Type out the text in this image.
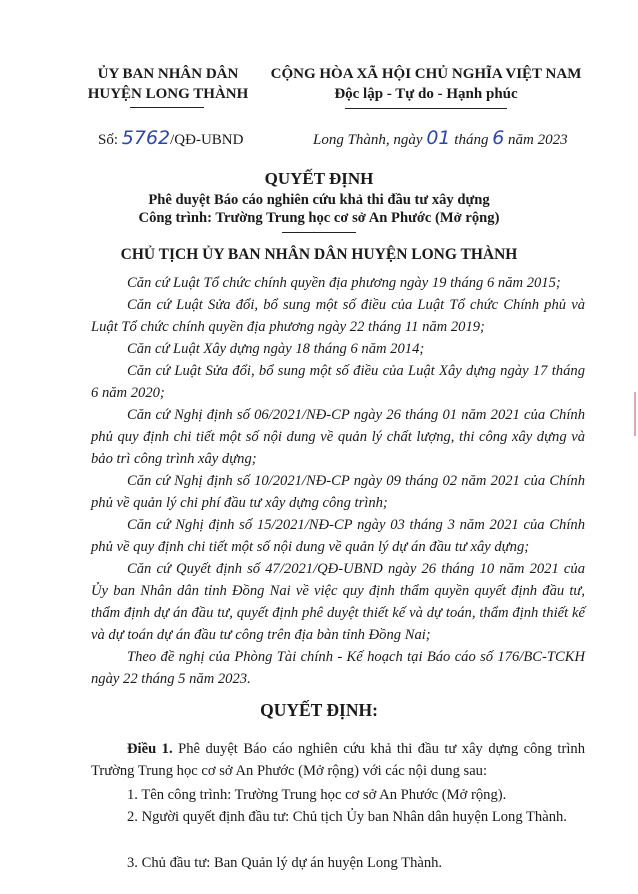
ỦY BAN NHÂN DÂN
HUYỆN LONG THÀNH
CỘNG HÒA XÃ HỘI CHỦ NGHĨA VIỆT NAM
Độc lập - Tự do - Hạnh phúc
Số: 5762/QĐ-UBND	Long Thành, ngày 01 tháng 6 năm 2023
QUYẾT ĐỊNH
Phê duyệt Báo cáo nghiên cứu khả thi đầu tư xây dựng
Công trình: Trường Trung học cơ sở An Phước (Mở rộng)
CHỦ TỊCH ỦY BAN NHÂN DÂN HUYỆN LONG THÀNH
Căn cứ Luật Tổ chức chính quyền địa phương ngày 19 tháng 6 năm 2015;
Căn cứ Luật Sửa đổi, bổ sung một số điều của Luật Tổ chức Chính phủ và Luật Tổ chức chính quyền địa phương ngày 22 tháng 11 năm 2019;
Căn cứ Luật Xây dựng ngày 18 tháng 6 năm 2014;
Căn cứ Luật Sửa đổi, bổ sung một số điều của Luật Xây dựng ngày 17 tháng 6 năm 2020;
Căn cứ Nghị định số 06/2021/NĐ-CP ngày 26 tháng 01 năm 2021 của Chính phủ quy định chi tiết một số nội dung về quản lý chất lượng, thi công xây dựng và bảo trì công trình xây dựng;
Căn cứ Nghị định số 10/2021/NĐ-CP ngày 09 tháng 02 năm 2021 của Chính phủ về quản lý chi phí đầu tư xây dựng công trình;
Căn cứ Nghị định số 15/2021/NĐ-CP ngày 03 tháng 3 năm 2021 của Chính phủ về quy định chi tiết một số nội dung về quản lý dự án đầu tư xây dựng;
Căn cứ Quyết định số 47/2021/QĐ-UBND ngày 26 tháng 10 năm 2021 của Ủy ban Nhân dân tỉnh Đồng Nai về việc quy định thẩm quyền quyết định đầu tư, thẩm định dự án đầu tư, quyết định phê duyệt thiết kế và dự toán, thẩm định thiết kế và dự toán dự án đầu tư công trên địa bàn tỉnh Đồng Nai;
Theo đề nghị của Phòng Tài chính - Kế hoạch tại Báo cáo số 176/BC-TCKH ngày 22 tháng 5 năm 2023.
QUYẾT ĐỊNH:
Điều 1. Phê duyệt Báo cáo nghiên cứu khả thi đầu tư xây dựng công trình Trường Trung học cơ sở An Phước (Mở rộng) với các nội dung sau:
1. Tên công trình: Trường Trung học cơ sở An Phước (Mở rộng).
2. Người quyết định đầu tư: Chủ tịch Ủy ban Nhân dân huyện Long Thành.
3. Chủ đầu tư: Ban Quản lý dự án huyện Long Thành.
